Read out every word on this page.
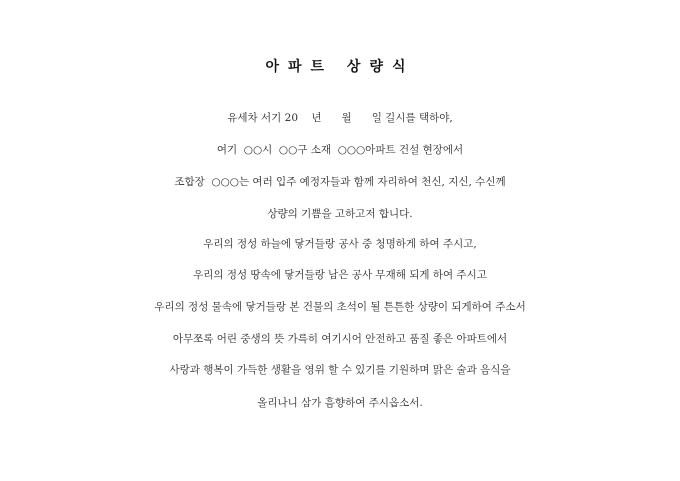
아파트 상량식
유세차 서기 20    년      월      일 길시를 택하야,
여기  ○○시  ○○구 소재  ○○○아파트 건설 현장에서
조합장  ○○○는 여러 입주 예정자들과 함께 자리하여 천신, 지신, 수신께
상량의 기쁨을 고하고저 합니다.
우리의 정성 하늘에 닿거들랑 공사 중 청명하게 하여 주시고,
우리의 정성 땅속에 닿거들랑 남은 공사 무재해 되게 하여 주시고
우리의 정성 물속에 닿거들랑 본 건물의 초석이 될 튼튼한 상량이 되게하여 주소서
아무쪼록 어린 중생의 뜻 가륵히 여기시어 안전하고 품질 좋은 아파트에서
사랑과 행복이 가득한 생활을 영위 할 수 있기를 기원하며 맑은 술과 음식을
올리나니 삼가 흠향하여 주시옵소서.
